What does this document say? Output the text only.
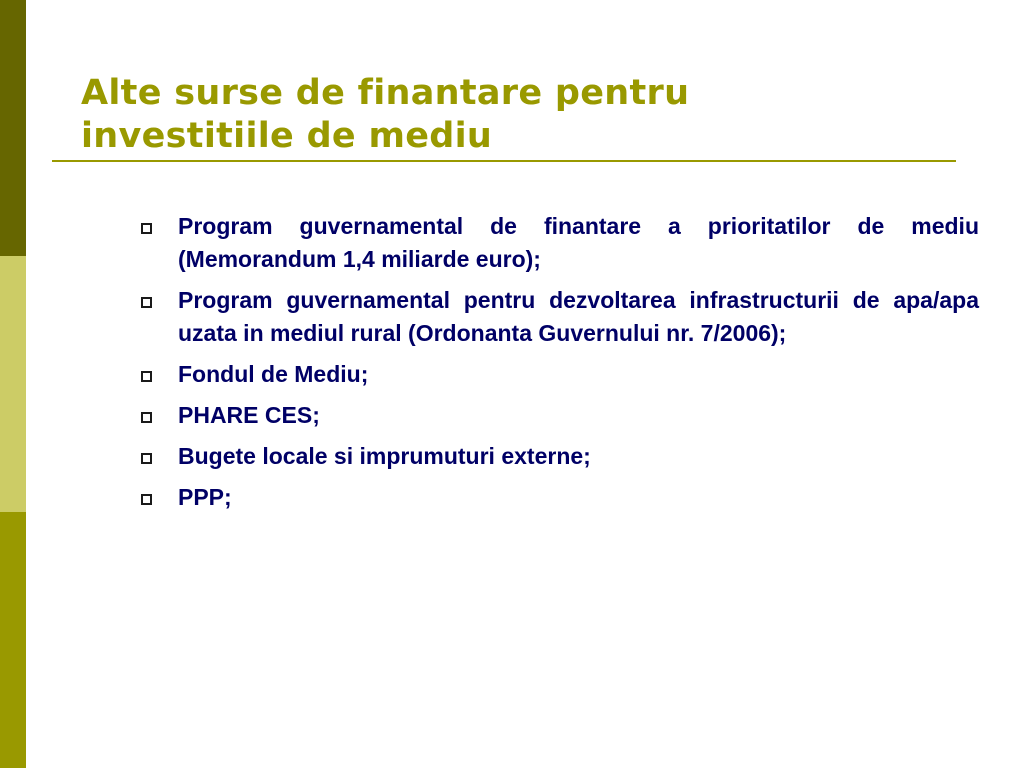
Alte surse de finantare pentru
investitiile de mediu
Program guvernamental de finantare a prioritatilor de mediu (Memorandum 1,4 miliarde euro);
Program guvernamental pentru dezvoltarea infrastructurii de apa/apa uzata in mediul rural (Ordonanta Guvernului nr. 7/2006);
Fondul de Mediu;
PHARE CES;
Bugete locale si imprumuturi externe;
PPP;
